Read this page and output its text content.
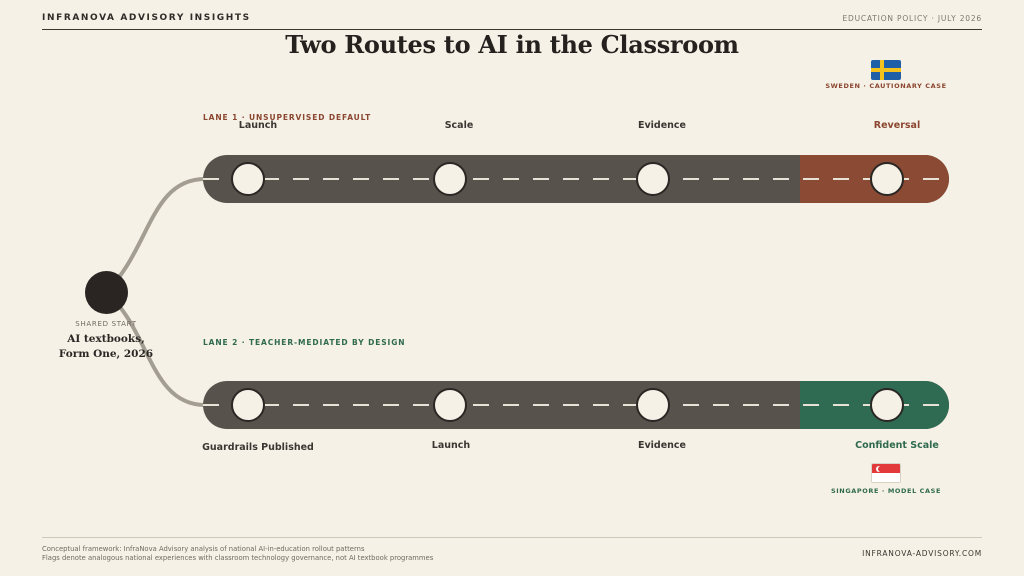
INFRANOVA ADVISORY INSIGHTS	EDUCATION POLICY · JULY 2026
Two Routes to AI in the Classroom
SHARED START
AI textbooks,
Form One, 2026
SWEDEN · CAUTIONARY CASE
LANE 1 · UNSUPERVISED DEFAULT
Launch	Scale	Evidence	Reversal
LANE 2 · TEACHER-MEDIATED BY DESIGN
Guardrails Published	Launch	Evidence	Confident Scale
SINGAPORE · MODEL CASE
Conceptual framework: InfraNova Advisory analysis of national AI-in-education rollout patterns
Flags denote analogous national experiences with classroom technology governance, not AI textbook programmes	INFRANOVA-ADVISORY.COM
